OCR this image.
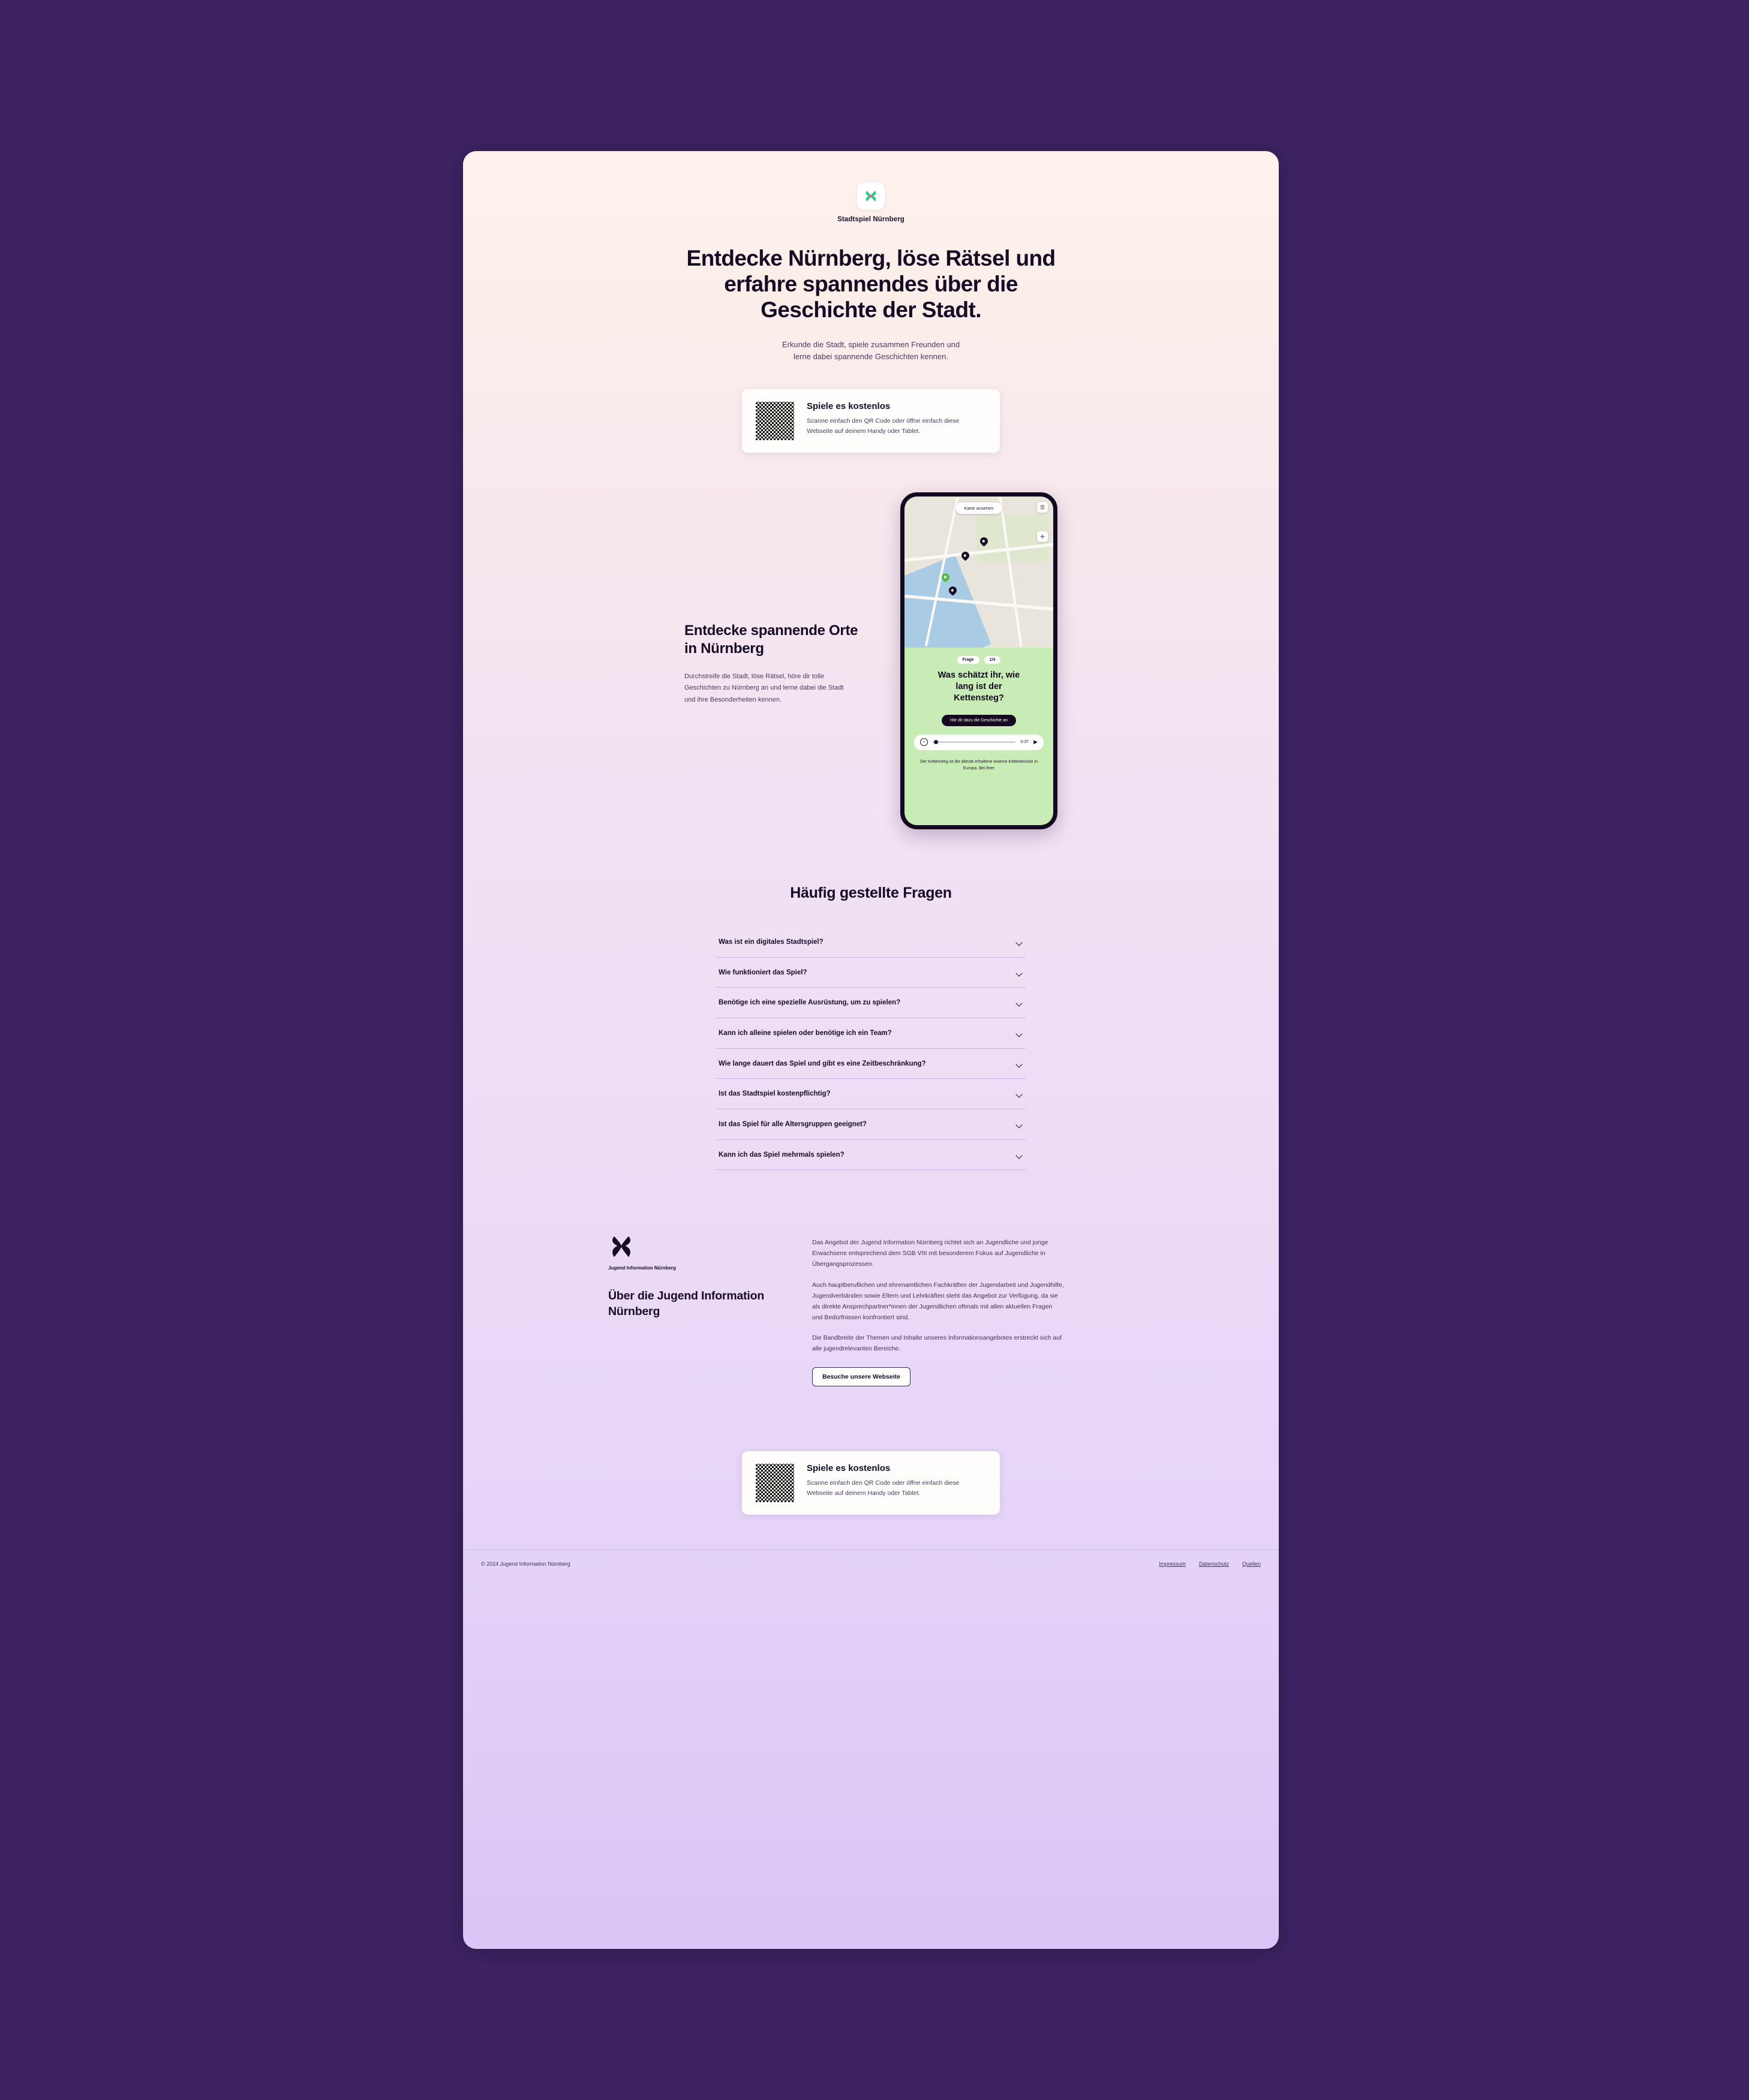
Stadtspiel Nürnberg
Entdecke Nürnberg, löse Rätsel und erfahre spannendes über die Geschichte der Stadt.

Erkunde die Stadt, spiele zusammen Freunden und lerne dabei spannende Geschichten kennen.

Spiele es kostenlos

Scanne einfach den QR Code oder öffne einfach diese Webseite auf deinem Handy oder Tablet.

Entdecke spannende Orte in Nürnberg

Durchstreife die Stadt, löse Rätsel, höre dir tolle Geschichten zu Nürnberg an und lerne dabei die Stadt und ihre Besonderheiten kennen.

Karte ansehen	☰
✛
Frage	1/4
Was schätzt ihr, wie lang ist der Kettensteg?
Hör dir dazu die Geschichte an
⌕	0:37 ▶
Der Kettensteg ist die älteste erhaltene eiserne Kettenbrücke in Europa. Bei ihrer
Häufig gestellte Fragen
Was ist ein digitales Stadtspiel?
Wie funktioniert das Spiel?
Benötige ich eine spezielle Ausrüstung, um zu spielen?
Kann ich alleine spielen oder benötige ich ein Team?
Wie lange dauert das Spiel und gibt es eine Zeitbeschränkung?
Ist das Stadtspiel kostenpflichtig?
Ist das Spiel für alle Altersgruppen geeignet?
Kann ich das Spiel mehrmals spielen?
Jugend Information Nürnberg
Über die Jugend Information Nürnberg

Das Angebot der Jugend Information Nürnberg richtet sich an Jugendliche und junge Erwachsene entsprechend dem SGB VIII mit besonderem Fokus auf Jugendliche in Übergangsprozessen.

Auch hauptberuflichen und ehrenamtlichen Fachkräften der Jugendarbeit und Jugendhilfe, Jugendverbänden sowie Eltern und Lehrkräften steht das Angebot zur Verfügung, da sie als direkte Ansprechpartner*innen der Jugendlichen oftmals mit allen aktuellen Fragen und Bedürfnissen konfrontiert sind.

Die Bandbreite der Themen und Inhalte unseres Informationsangebotes erstreckt sich auf alle jugendrelevanten Bereiche.

Besuche unsere Webseite
Spiele es kostenlos

Scanne einfach den QR Code oder öffne einfach diese Webseite auf deinem Handy oder Tablet.

© 2024 Jugend Information Nürnberg	Impressum Datenschutz Quellen
